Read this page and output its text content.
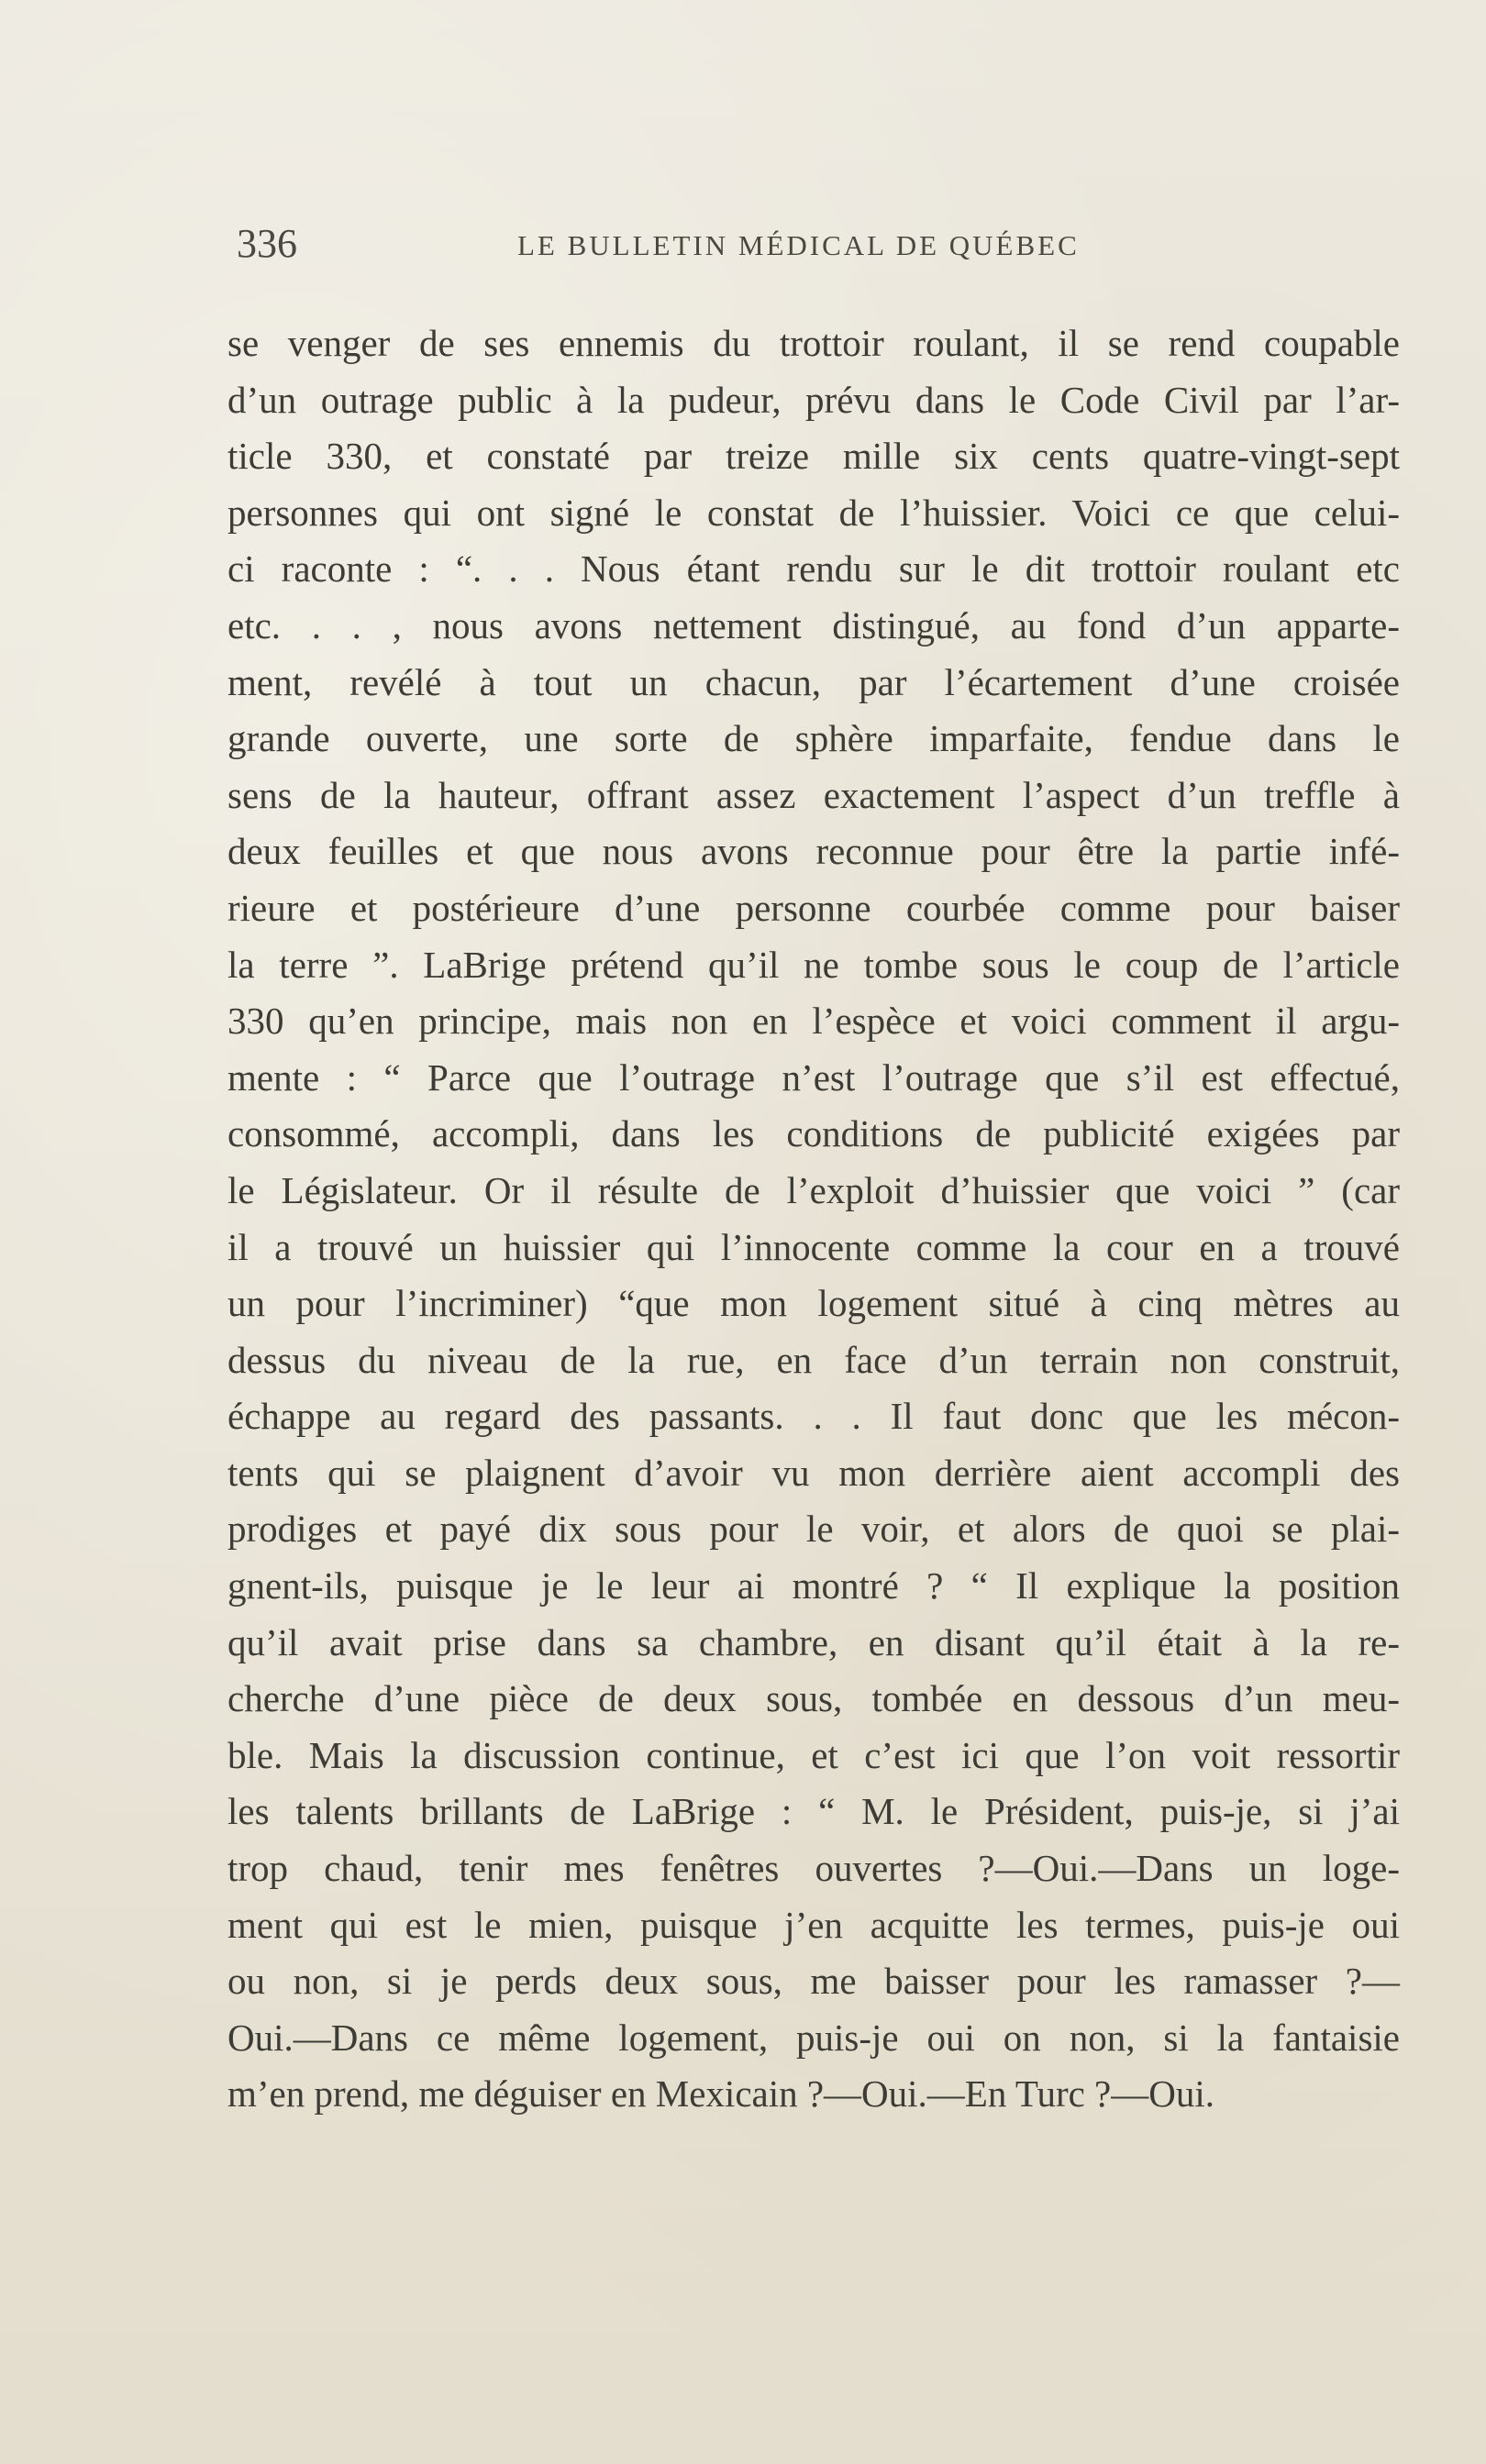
336	LE BULLETIN MÉDICAL DE QUÉBEC
se venger de ses ennemis du trottoir roulant, il se rend coupable
d’un outrage public à la pudeur, prévu dans le Code Civil par l’ar-
ticle 330, et constaté par treize mille six cents quatre-vingt-sept
personnes qui ont signé le constat de l’huissier. Voici ce que celui-
ci raconte : “. . . Nous étant rendu sur le dit trottoir roulant etc
etc. . . , nous avons nettement distingué, au fond d’un apparte-
ment, revélé à tout un chacun, par l’écartement d’une croisée
grande ouverte, une sorte de sphère imparfaite, fendue dans le
sens de la hauteur, offrant assez exactement l’aspect d’un treffle à
deux feuilles et que nous avons reconnue pour être la partie infé-
rieure et postérieure d’une personne courbée comme pour baiser
la terre ”. LaBrige prétend qu’il ne tombe sous le coup de l’article
330 qu’en principe, mais non en l’espèce et voici comment il argu-
mente : “ Parce que l’outrage n’est l’outrage que s’il est effectué,
consommé, accompli, dans les conditions de publicité exigées par
le Législateur. Or il résulte de l’exploit d’huissier que voici ” (car
il a trouvé un huissier qui l’innocente comme la cour en a trouvé
un pour l’incriminer) “que mon logement situé à cinq mètres au
dessus du niveau de la rue, en face d’un terrain non construit,
échappe au regard des passants. . . Il faut donc que les mécon-
tents qui se plaignent d’avoir vu mon derrière aient accompli des
prodiges et payé dix sous pour le voir, et alors de quoi se plai-
gnent-ils, puisque je le leur ai montré ? “ Il explique la position
qu’il avait prise dans sa chambre, en disant qu’il était à la re-
cherche d’une pièce de deux sous, tombée en dessous d’un meu-
ble. Mais la discussion continue, et c’est ici que l’on voit ressortir
les talents brillants de LaBrige : “ M. le Président, puis-je, si j’ai
trop chaud, tenir mes fenêtres ouvertes ?—Oui.—Dans un loge-
ment qui est le mien, puisque j’en acquitte les termes, puis-je oui
ou non, si je perds deux sous, me baisser pour les ramasser ?—
Oui.—Dans ce même logement, puis-je oui on non, si la fantaisie
m’en prend, me déguiser en Mexicain ?—Oui.—En Turc ?—Oui.
